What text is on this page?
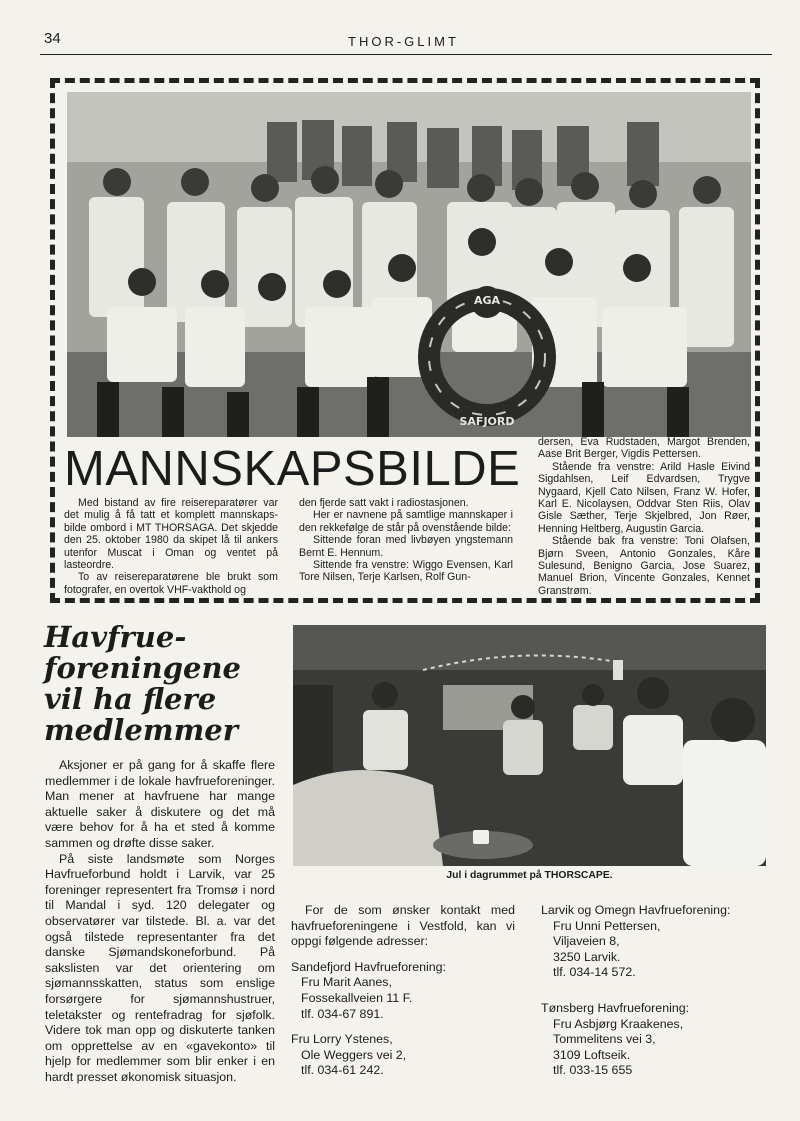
34	THOR-GLIMT
AGA
SAFJORD
MANNSKAPSBILDE

Med bistand av fire reisereparatører var det mulig å få tatt et komplett mannskaps-bilde ombord i MT THORSAGA. Det skjedde den 25. oktober 1980 da skipet lå til ankers utenfor Muscat i Oman og ventet på lasteordre.

To av reisereparatørene ble brukt som fotografer, en overtok VHF-vakthold og

den fjerde satt vakt i radiostasjonen.

Her er navnene på samtlige mannskaper i den rekkefølge de står på ovenstående bilde:

Sittende foran med livbøyen yngstemann Bernt E. Hennum.

Sittende fra venstre: Wiggo Evensen, Karl Tore Nilsen, Terje Karlsen, Rolf Gun-

dersen, Eva Rudstaden, Margot Brenden, Aase Brit Berger, Vigdis Pettersen.

Stående fra venstre: Arild Hasle Eivind Sigdahlsen, Leif Edvardsen, Trygve Nygaard, Kjell Cato Nilsen, Franz W. Hofer, Karl E. Nicolaysen, Oddvar Sten Riis, Olav Gisle Sæther, Terje Skjelbred, Jon Røer, Henning Heltberg, Augustin Garcia.

Stående bak fra venstre: Toni Olafsen, Bjørn Sveen, Antonio Gonzales, Kåre Sulesund, Benigno Garcia, Jose Suarez, Manuel Brion, Vincente Gonzales, Kennet Granstrøm.

Havfrue-
foreningene
vil ha flere
medlemmer

Aksjoner er på gang for å skaffe flere medlemmer i de lokale havfrueforeninger. Man mener at havfruene har mange aktuelle saker å diskutere og det må være behov for å ha et sted å komme sammen og drøfte disse saker.

På siste landsmøte som Norges Havfrueforbund holdt i Larvik, var 25 foreninger representert fra Tromsø i nord til Mandal i syd. 120 delegater og observatører var tilstede. Bl. a. var det også tilstede representanter fra det danske Sjømandskoneforbund. På sakslisten var det orientering om sjømannsskatten, status som enslige forsørgere for sjømannshustruer, teletakster og rentefradrag for sjøfolk. Videre tok man opp og diskuterte tanken om opprettelse av en «gavekonto» til hjelp for medlemmer som blir enker i en hardt presset økonomisk situasjon.

Jul i dagrummet på THORSCAPE.

For de som ønsker kontakt med havfrueforeningene i Vestfold, kan vi oppgi følgende adresser:

Sandefjord Havfrueforening:

Fru Marit Aanes,

Fossekallveien 11 F.

tlf. 034-67 891.

Fru Lorry Ystenes,

Ole Weggers vei 2,

tlf. 034-61 242.

Larvik og Omegn Havfrueforening:

Fru Unni Pettersen,

Viljaveien 8,

3250 Larvik.

tlf. 034-14 572.

Tønsberg Havfrueforening:

Fru Asbjørg Kraakenes,

Tommelitens vei 3,

3109 Loftseik.

tlf. 033-15 655
